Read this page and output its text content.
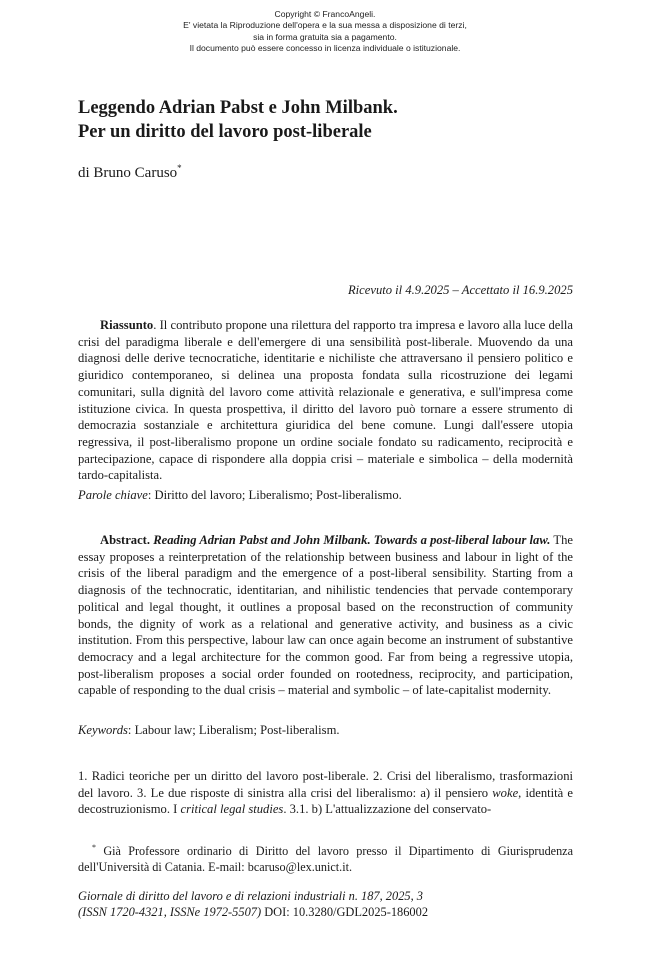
Copyright © FrancoAngeli.
E' vietata la Riproduzione dell'opera e la sua messa a disposizione di terzi,
sia in forma gratuita sia a pagamento.
Il documento può essere concesso in licenza individuale o istituzionale.
Leggendo Adrian Pabst e John Milbank.
Per un diritto del lavoro post-liberale
di Bruno Caruso*
Ricevuto il 4.9.2025 – Accettato il 16.9.2025

Riassunto. Il contributo propone una rilettura del rapporto tra impresa e lavoro alla luce della crisi del paradigma liberale e dell'emergere di una sensibilità post-liberale. Muovendo da una diagnosi delle derive tecnocratiche, identitarie e nichiliste che attraversano il pensiero politico e giuridico contemporaneo, si delinea una proposta fondata sulla ricostruzione dei legami comunitari, sulla dignità del lavoro come attività relazionale e generativa, e sull'impresa come istituzione civica. In questa prospettiva, il diritto del lavoro può tornare a essere strumento di democrazia sostanziale e architettura giuridica del bene comune. Lungi dall'essere utopia regressiva, il post-liberalismo propone un ordine sociale fondato su radicamento, reciprocità e partecipazione, capace di rispondere alla doppia crisi – materiale e simbolica – della modernità tardo-capitalista.

Parole chiave: Diritto del lavoro; Liberalismo; Post-liberalismo.

Abstract. Reading Adrian Pabst and John Milbank. Towards a post-liberal labour law. The essay proposes a reinterpretation of the relationship between business and labour in light of the crisis of the liberal paradigm and the emergence of a post-liberal sensibility. Starting from a diagnosis of the technocratic, identitarian, and nihilistic tendencies that pervade contemporary political and legal thought, it outlines a proposal based on the reconstruction of community bonds, the dignity of work as a relational and generative activity, and business as a civic institution. From this perspective, labour law can once again become an instrument of substantive democracy and a legal architecture for the common good. Far from being a regressive utopia, post-liberalism proposes a social order founded on rootedness, reciprocity, and participation, capable of responding to the dual crisis – material and symbolic – of late-capitalist modernity.

Keywords: Labour law; Liberalism; Post-liberalism.

1. Radici teoriche per un diritto del lavoro post-liberale. 2. Crisi del liberalismo, trasformazioni del lavoro. 3. Le due risposte di sinistra alla crisi del liberalismo: a) il pensiero woke, identità e decostruzionismo. I critical legal studies. 3.1. b) L'attualizzazione del conservato-

* Già Professore ordinario di Diritto del lavoro presso il Dipartimento di Giurisprudenza dell'Università di Catania. E-mail: bcaruso@lex.unict.it.

Giornale di diritto del lavoro e di relazioni industriali n. 187, 2025, 3
(ISSN 1720-4321, ISSNe 1972-5507) DOI: 10.3280/GDL2025-186002
